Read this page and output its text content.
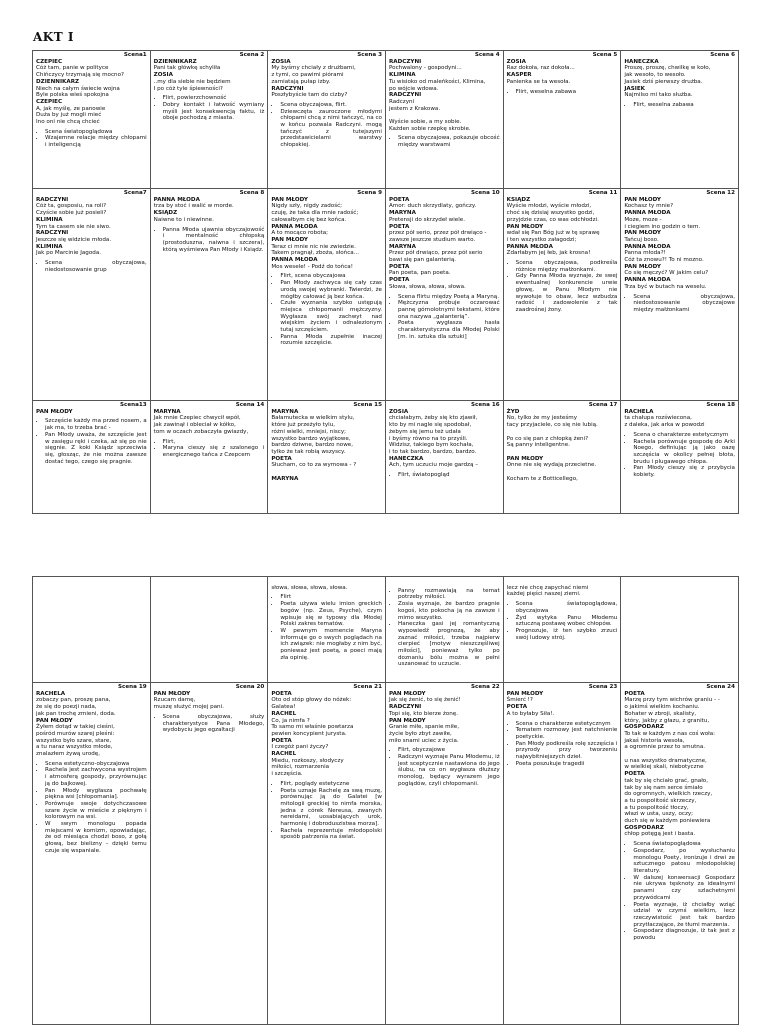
AKT I
Scena1
CZEPIEC
Cóż tam, panie w polityce
Chińczycy trzymają się mocno?
DZIENNIKARZ
Niech na całym świecie wojna
Byle polska wieś spokojna
CZEPIEC
A, jak myślę, ze panowie
Duża by już mogli mieć
Ino oni nie chcą chcieć
• Scena światopoglądowa
• Wzajemne relacje między chłopami i inteligencją
Scena 2
DZIENNIKARZ
Pani tak główkę schyliła
ZOSIA
..my dla siebie nie będziem
I po cóż tyle śpiewności?
• Flirt, powierzchowność
• Dobry kontakt i łatwość wymiany myśli jest konsekwencją faktu, iż oboje pochodzą z miasta.
Scena 3
ZOSIA
My byśmy chciały z drużbami,
z tymi, co pawimi piórami
zamiatają pułap izby.
RADCZYNI
Poszłybyście tam do cizby?
• Scena obyczajowa, flirt.
• Dziewczęta zauroczone młodymi chłopami chcą z nimi tańczyć, na co w końcu pozwala Radczyni. mogą tańczyć z tutejszymi przedstawicielami warstwy chłopskiej.
Scena 4
RADCZYNI
Pochwalony - gospodyni...
KLIMINA
Tu wisioko od maleńkości, Klimina,
po wójcie wdowa.
RADCZYNI
Radczyni
jestem z Krakowa.

Wyście sobie, a my sobie.
Każden sobie rzepkę skrobie.
• Scena obyczajowa, pokazuje obcość między warstwami
Scena 5
ZOSIA
Raz dokoła, raz dokoła...
KASPER
Panienka se ta wesoła.
• Flirt, weselna zabawa
Scena 6
HANECZKA
Proszę, proszę, chwilkę w koło,
jak wesoło, to wesoło.
Jasiek dziś pierwszy drużba.
JASIEK
Najmilso mi tako służba.
• Flirt, weselna zabawa
Scena7
RADCZYNI
Cóż ta, gosposiu, na roli?
Czyście sobie już posieli?
KLIMINA
Tym ta casem sie nie siwo.
RADCZYNI
Jeszcze się widzicie młoda.
KLIMINA
Jak po Marcinie Jagoda.
• Scena obyczajowa, niedostosowanie grup
Scena 8
PANNA MŁODA
trza by stoć i walić w morde.
KSIĄDZ
Naiwne to i niewinne.
• Panna Młoda ujawnia obyczajowość i mentalność chłopską (prostoduszna, naiwna i szczera), którą wyśmiewa Pan Młody i Ksiądz.
Scena 9
PAN MŁODY
Nigdy szły, nigdy zadość;
czuję, że taka dla mnie radość;
całowałbym cię bez końca.
PANNA MŁODA
A to mocąco robota;
PAN MŁODY
Teraz ci mnie nic nie zwiedzie.
Takem pragnął, zboża, słońca...
PANNA MŁODA
Mos wesele! - Podź do tońca!
• Flirt, scena obyczajowa
• Pan Młody zachwyca się cały czas urodą swojej wybranki. Twierdzi, że mógłby całować ją bez końca.
• Czułe wyznania szybko ustępują miejsca chłopomanii mężczyzny. Wygłasza swój zachwyt nad wiejskim życiem i odnalezionym tutaj szczęściem.
• Panna Młoda zupełnie inaczej rozumie szczęście.
Scena 10
POETA
Amor: duch skrzydlaty, gończy.
MARYNA
Pretensji do skrzydeł wiele.
POETA
przez pół serio, przez pół drwiąco -
zawsze jeszcze studium warto.
MARYNA
Przez pół drwiąco, przez pół serio
bawi się pan galanterią.
POETA
Pan poeta, pan poeta.
POETA
Słowa, słowa, słowa, słowa.
• Scena flirtu między Poetą a Maryną.
• Mężczyzna próbuje oczarować pannę górnolotnymi tekstami, które ona nazywa „galanterią”.
• Poeta wygłasza hasła charakterystyczna dla Młodej Polski [m. in. sztuka dla sztuki]
Scena 11
KSIĄDZ
Wyście młodzi, wyście młodzi,
choć się dzisiaj wszystko godzi,
przyjdzie czas, co was odchłodzi.
PAN MŁODY
wdał się Pan Bóg już w tę sprawę
i ten wszystko załagodzi;
PANNA MŁODA
Zdarłabym jej łeb, jak krosna!
• Scena obyczajowa, podkreśla różnice między małżonkami.
• Gdy Panna Młoda wyznaje, że swej ewentualnej konkurencie urwie głowę, w Panu Młodym nie wywołuje to obaw, lecz wzbudza radość i zadowolenie z tak zaadrośnej żony.
Scena 12
PAN MŁODY
Kochasz ty mnie?
PANNA MŁODA
Moze, moze -
i ciegiem ino godzin o tem.
PAN MŁODY
Tańcuj boso.
PANNA MŁODA
Panna młoda?!
Cóż ta znowu?! To ni mozno.
PAN MŁODY
Co się męczyć? W jakim celu?
PANNA MŁODA
Trza być w butach na weselu.
• Scena obyczajowa, niedostosowanie obyczajowe między małżonkami
Scena13
PAN MŁODY
• Szczęście każdy ma przed nosem, a jak ma, to trzeba brać -
• Pan Młody uważa, że szczęście jest w zasięgu ręki i czeka, aż się po nie sięgnie. Z koki Ksiądz sprzeciwia się, głosząc, że nie można zawsze dostać tego, czego się pragnie.
Scena 14
MARYNA
Jak mnie Czepiec chwycił wpół,
jak zawinął i obleciał w kółko,
tom w oczach zobaczyła gwiazdy,
• Flirt,
• Maryna cieszy się z szalonego i energicznego tańca z Czepcem
Scena 15
MARYNA
Bałamutecka w wielkim stylu,
które już przeżyło tylu,
różni wielki, mniejsi, niscy;
wszystko bardzo wyjątkowe,
bardzo dziwne, bardzo nowe,
tylko że tak robią wszyscy.
POETA
Słucham, co to za wymowa - ?

MARYNA
Scena 16
ZOSIA
chciałabym, żeby się kto zjawił,
kto by mi nagle się spodobał,
żebym się jemu też udała
i byśmy równo na to przyśli.
Widzisz, takiego bym kochała,
i to tak bardzo, bardzo, bardzo.
HANECZKA
Ach, tym uczuciu moje gardzą –
• Flirt, światopogląd
Scena 17
ŻYD
No, tylko że my jesteśmy
tacy przyjaciele, co się nie lubią.

Po co się pan z chłopką żeni?
Są panny inteligentne.

PAN MŁODY
Onne nie się wydają przecietne.

Kocham te z Botticellego,
Scena 18
RACHELA
ta chałupa rozświecona,
z daleka, jak arka w powodzi
• Scena o charakterze estetycznym
• Rachela porównuje gospodę do Arki Noego, definiując ją jako oazę szczęścia w okolicy pełnej błota, brudu i plugawego chłopa.
• Pan Młody cieszy się z przybycia kobiety.

słowa, słowa, słowa, słowa.
• Flirt
• Poeta używa wielu imion greckich bogów (np. Zeus, Psyche), czym wpisuje się w typowy dla Młodej Polski zakres tematów.
• W pewnym momencie Maryna informuje go o swych poglądach na ich związek: nie mogłaby z nim być, ponieważ jest poetą, a poeci mają zła opinię.

• Panny rozmawiają na temat potrzeby miłości.
• Zosia wyznaje, że bardzo pragnie kogoś, kto pokocha ją na zawsze i mimo wszystko.
• Haneczka gasi jej romantyczną wypowiedź prognozą, że aby zaznać miłości, trzeba najpierw cierpieć [motyw nieszczęśliwej miłości], ponieważ tylko po doznaniu bólu można w pełni uszanować to uczucie.

lecz nie chcę zapychać niemi
każdej pięści naszej ziemi.
• Scena światopoglądowa, obyczajowa
• Żyd wytyka Panu Młodemu sztuczną postawę wobec chłopów.
• Prognozuje, iż ten szybko zrzuci swój ludowy strój.

Scena 19
RACHELA
zobaczy pan, proszę pana,
że się do poezji nada,
jak pan trochę zmieni, doda.
PAN MŁODY
Żyłem dotąd w takiej cieśni,
pośród murów szarej pleśni:
wszystko było szare, stare,
a tu naraz wszystko młode,
znalazłem żywą urodę,
• Scena estetyczno-obyczajowa
• Rachela jest zachwycona wystrojem i atmosferą gospody, przyrównując ją do bajkowej.
• Pan Młody wygłasza pochwałę piękna wsi [chłopomania].
• Porównuje swoje dotychczasowe szare życie w mieście z pięknym i kolorowym na wsi.
• W swym monologu popada miejscami w komizm, opowiadając, że od miesiąca chodzi boso, z gołą głową, bez bielizny – dzięki temu czuje się wspaniale.
Scena 20
PAN MŁODY
Rzucam damę,
muszę służyć mojej pani.
• Scena obyczajowa, służy charakterystyce Pana Młodego, wydobyciu jego egzaltacji
Scena 21
POETA
Oto od stóp głowy do nóżek:
Galatea!
RACHEL
Co, ja nimfa ?
To samo mi właśnie powtarza
pewien koncypient jurysta.
POETA
I czegóż pani życzy?
RACHEL
Miedu, rozkoszy, słodyczy
miłości, rozmarzenia
i szczęścia.
• Flirt, poglądy estetyczne
• Poeta uznaje Rachelę za swą muzę, porównując ją do Galatei [w mitologii greckiej to nimfa morska, jedna z córek Nereusa, zwanych nereidami, uosabiających urok, harmonię i dobroduszistwa morza].
• Rachela reprezentuje młodopolski sposób patrzenia na świat.
Scena 22
PAN MŁODY
Jak się żenić, to się żenić!
RADCZYNI
Topi się, kto bierze żonę.
PAN MŁODY
Granie miłe, spanie miłe,
życie było zbyt zawiłe,
miło snami uciec z życia.
• Flirt, obyczajowe
• Radczyni wyznaje Panu Młodemu, iż jest sceptycznie nastawiona do jego ślubu, na co on wygłasza dłuższy monolog, będący wyrazem jego poglądów, czyli chłopomanii.
Scena 23
PAN MŁODY
Śmierć !?
POETA
A to byłaby Siła!.
• Scena o charakterze estetycznym
• Tematem rozmowy jest natchnienie poetyckie.
• Pan Młody podkreśla rolę szczęścia i przyrody przy tworzeniu najwybitniejszych dzieł.
• Poeta poszukuje tragedii
Scena 24
POETA
Marzę przy tym wichrów graniu - -
o jakimś wielkim kochaniu.
Bohater w zbroji, skalisty,
który, jakby z głazu, z granitu,
GOSPODARZ
To tak w każdym z nas coś woła:
jakaś historia wesoła,
a ogromnie przez to smutna.

u nas wszystko dramatyczne,
w wielkiej skali, niebotyczne
POETA
tak by się chciało grać, gnało,
tak by się nam serce śmiało
do ogromnych, wielkich rzeczy,
a tu pospolitość skrzeczy,
a tu pospolitość tłoczy,
włazi w usta, uszy, oczy;
duch się w każdym poniewiera
GOSPODARZ
chłop potęgą jest i basta.
• Scena światopoglądowa
• Gospodarz, po wysłuchaniu monologu Poety, ironizuje i drwi ze sztucznego patosu młodopolskiej literatury.
• W dalszej konwersacji Gospodarz nie ukrywa tęsknoty za idealnymi panami czy szlachetnymi przywódcami
• Poeta wyznaje, iż chciałby wziąć udział w czymś wielkim, lecz rzeczywistość jest tak bardzo przytłaczające, że tłumi marzenia.
• Gospodarz diagnozuje, iż tak jest z powodu
